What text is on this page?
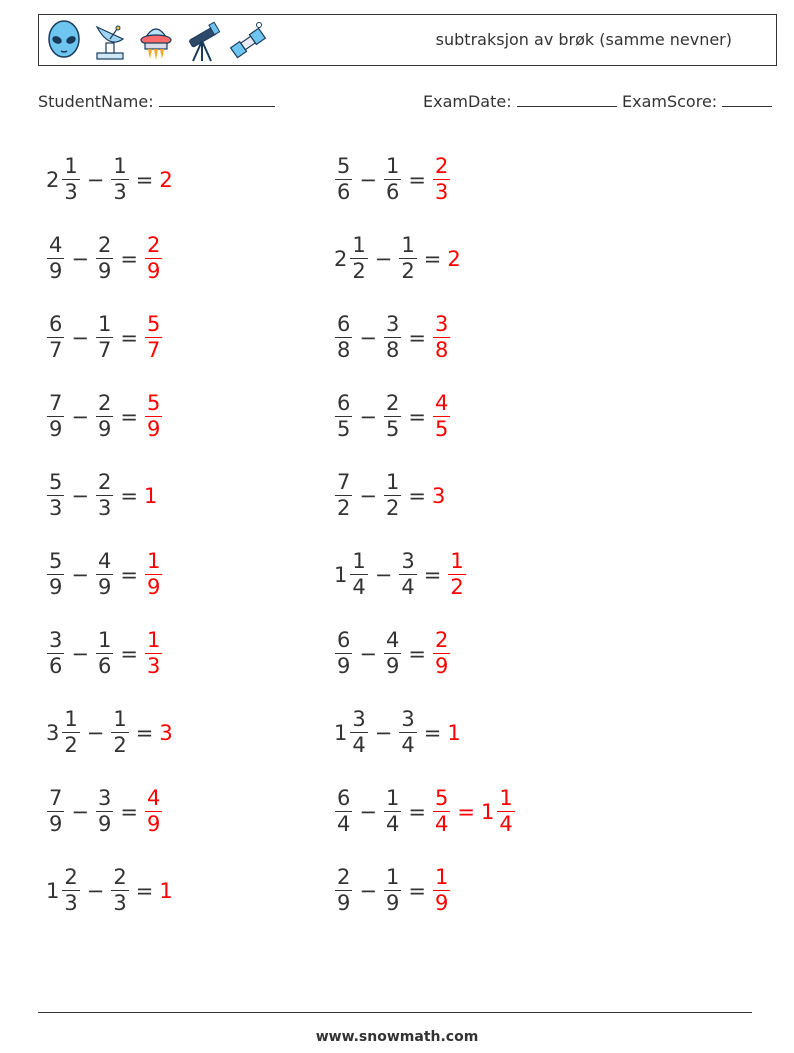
subtraksjon av brøk (samme nevner)
StudentName:	ExamDate:	ExamScore:
$2 \frac{1}{3} - \frac{1}{3} = 2$
$\frac{4}{9} - \frac{2}{9} = \frac{2}{9}$
$\frac{6}{7} - \frac{1}{7} = \frac{5}{7}$
$\frac{7}{9} - \frac{2}{9} = \frac{5}{9}$
$\frac{5}{3} - \frac{2}{3} = 1$
$\frac{5}{9} - \frac{4}{9} = \frac{1}{9}$
$\frac{3}{6} - \frac{1}{6} = \frac{1}{3}$
$3 \frac{1}{2} - \frac{1}{2} = 3$
$\frac{7}{9} - \frac{3}{9} = \frac{4}{9}$
$1 \frac{2}{3} - \frac{2}{3} = 1$
$\frac{5}{6} - \frac{1}{6} = \frac{2}{3}$
$2 \frac{1}{2} - \frac{1}{2} = 2$
$\frac{6}{8} - \frac{3}{8} = \frac{3}{8}$
$\frac{6}{5} - \frac{2}{5} = \frac{4}{5}$
$\frac{7}{2} - \frac{1}{2} = 3$
$1 \frac{1}{4} - \frac{3}{4} = \frac{1}{2}$
$\frac{6}{9} - \frac{4}{9} = \frac{2}{9}$
$1 \frac{3}{4} - \frac{3}{4} = 1$
$\frac{6}{4} - \frac{1}{4} = \frac{5}{4} = 1 \frac{1}{4}$
$\frac{2}{9} - \frac{1}{9} = \frac{1}{9}$
www.snowmath.com
